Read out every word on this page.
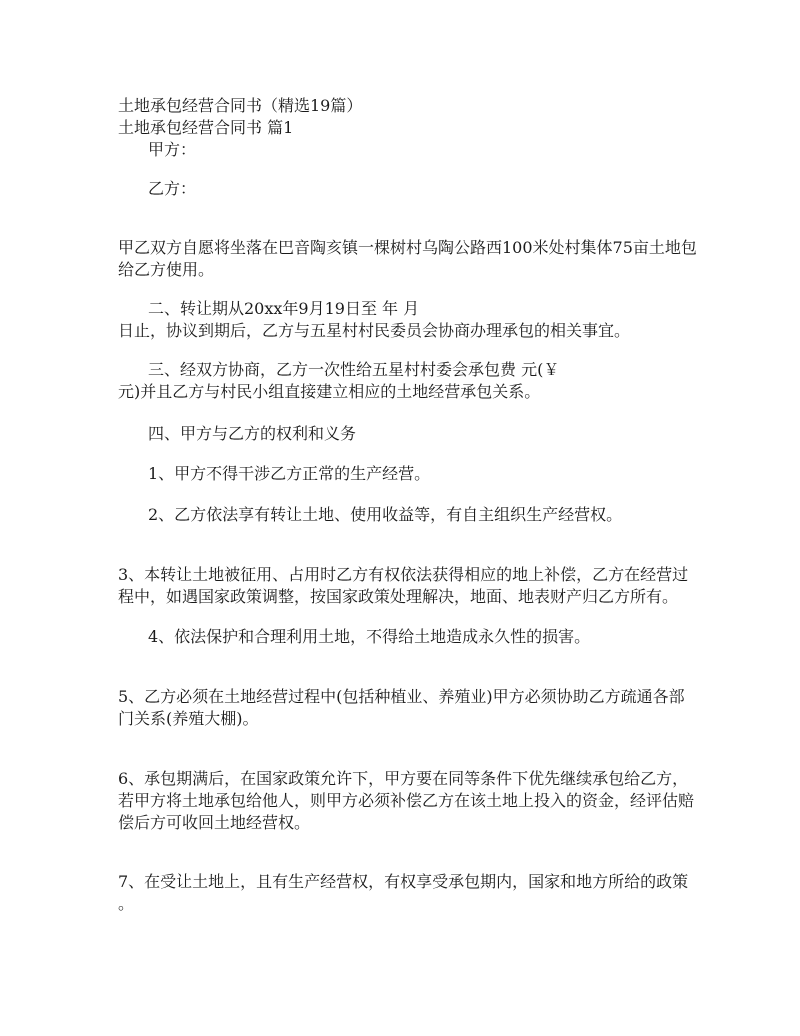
土地承包经营合同书（精选19篇）
土地承包经营合同书 篇1
甲方：
乙方：
甲乙双方自愿将坐落在巴音陶亥镇一棵树村乌陶公路西100米处村集体75亩土地包
给乙方使用。
二、转让期从20xx年9月19日至 年 月
日止，协议到期后，乙方与五星村村民委员会协商办理承包的相关事宜。
三、经双方协商，乙方一次性给五星村村委会承包费 元(￥
元)并且乙方与村民小组直接建立相应的土地经营承包关系。
四、甲方与乙方的权利和义务
1、甲方不得干涉乙方正常的生产经营。
2、乙方依法享有转让土地、使用收益等，有自主组织生产经营权。
3、本转让土地被征用、占用时乙方有权依法获得相应的地上补偿，乙方在经营过
程中，如遇国家政策调整，按国家政策处理解决，地面、地表财产归乙方所有。
4、依法保护和合理利用土地，不得给土地造成永久性的损害。
5、乙方必须在土地经营过程中(包括种植业、养殖业)甲方必须协助乙方疏通各部
门关系(养殖大棚)。
6、承包期满后，在国家政策允许下，甲方要在同等条件下优先继续承包给乙方，
若甲方将土地承包给他人，则甲方必须补偿乙方在该土地上投入的资金，经评估赔
偿后方可收回土地经营权。
7、在受让土地上，且有生产经营权，有权享受承包期内，国家和地方所给的政策
。
